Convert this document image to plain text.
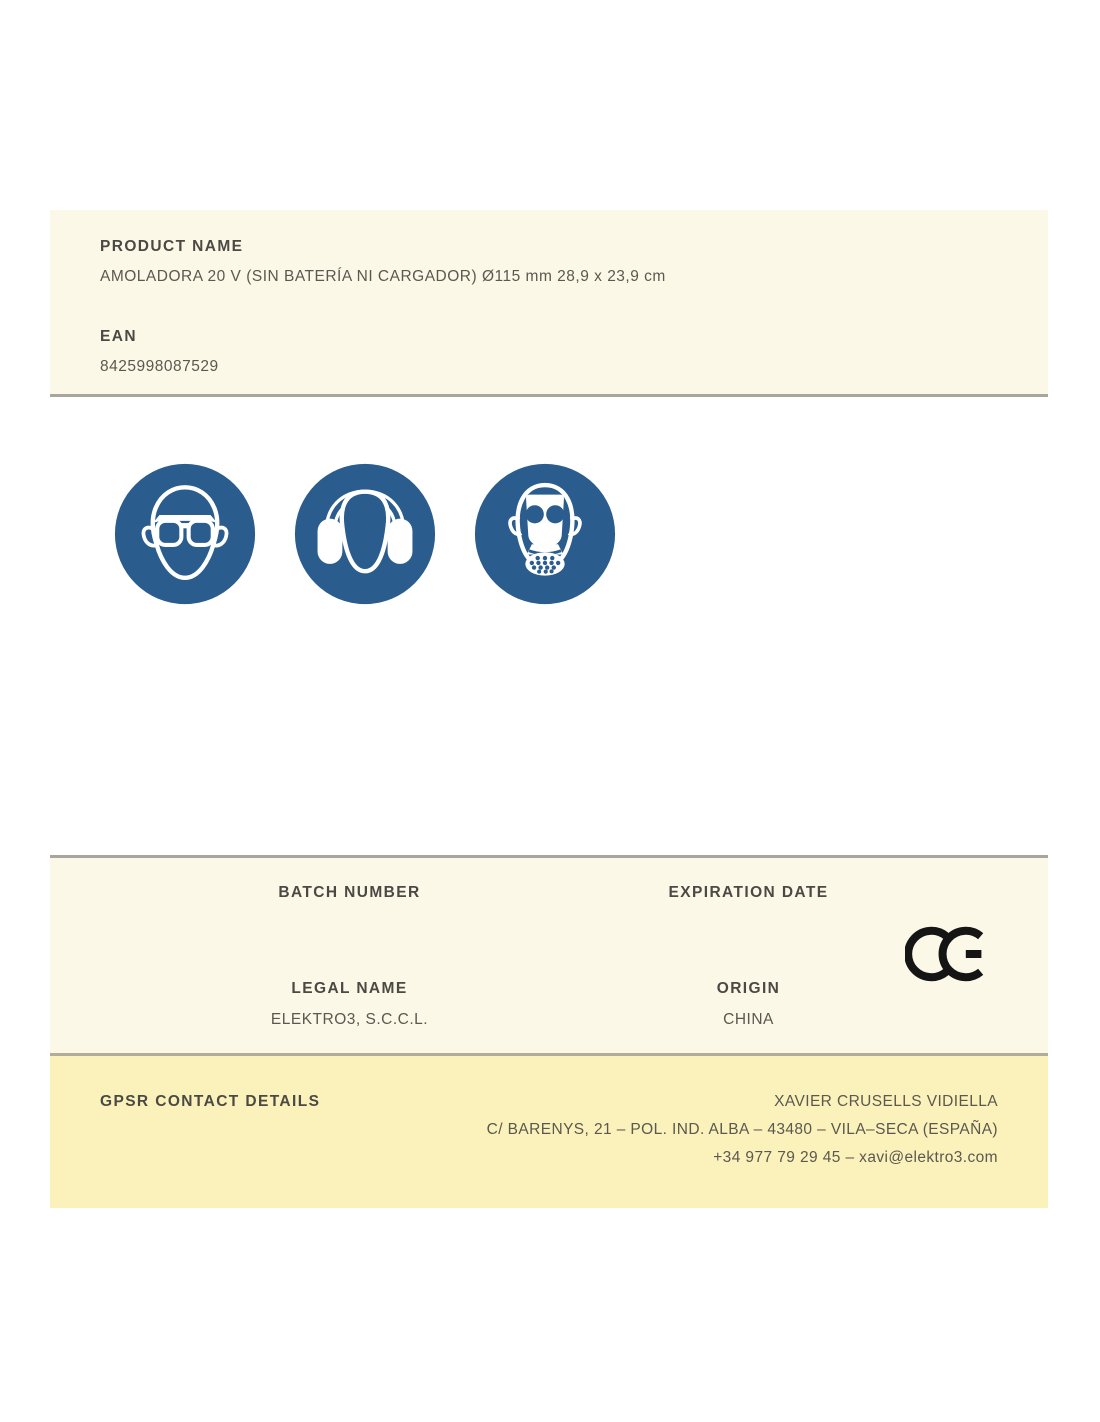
PRODUCT NAME
AMOLADORA 20 V (SIN BATERÍA NI CARGADOR) Ø115 mm 28,9 x 23,9 cm
EAN
8425998087529
BATCH NUMBER
LEGAL NAME
ELEKTRO3, S.C.C.L.
EXPIRATION DATE
ORIGIN
CHINA
GPSR CONTACT DETAILS	XAVIER CRUSELLS VIDIELLA
C/ BARENYS, 21 – POL. IND. ALBA – 43480 – VILA–SECA (ESPAÑA)
+34 977 79 29 45 – xavi@elektro3.com
